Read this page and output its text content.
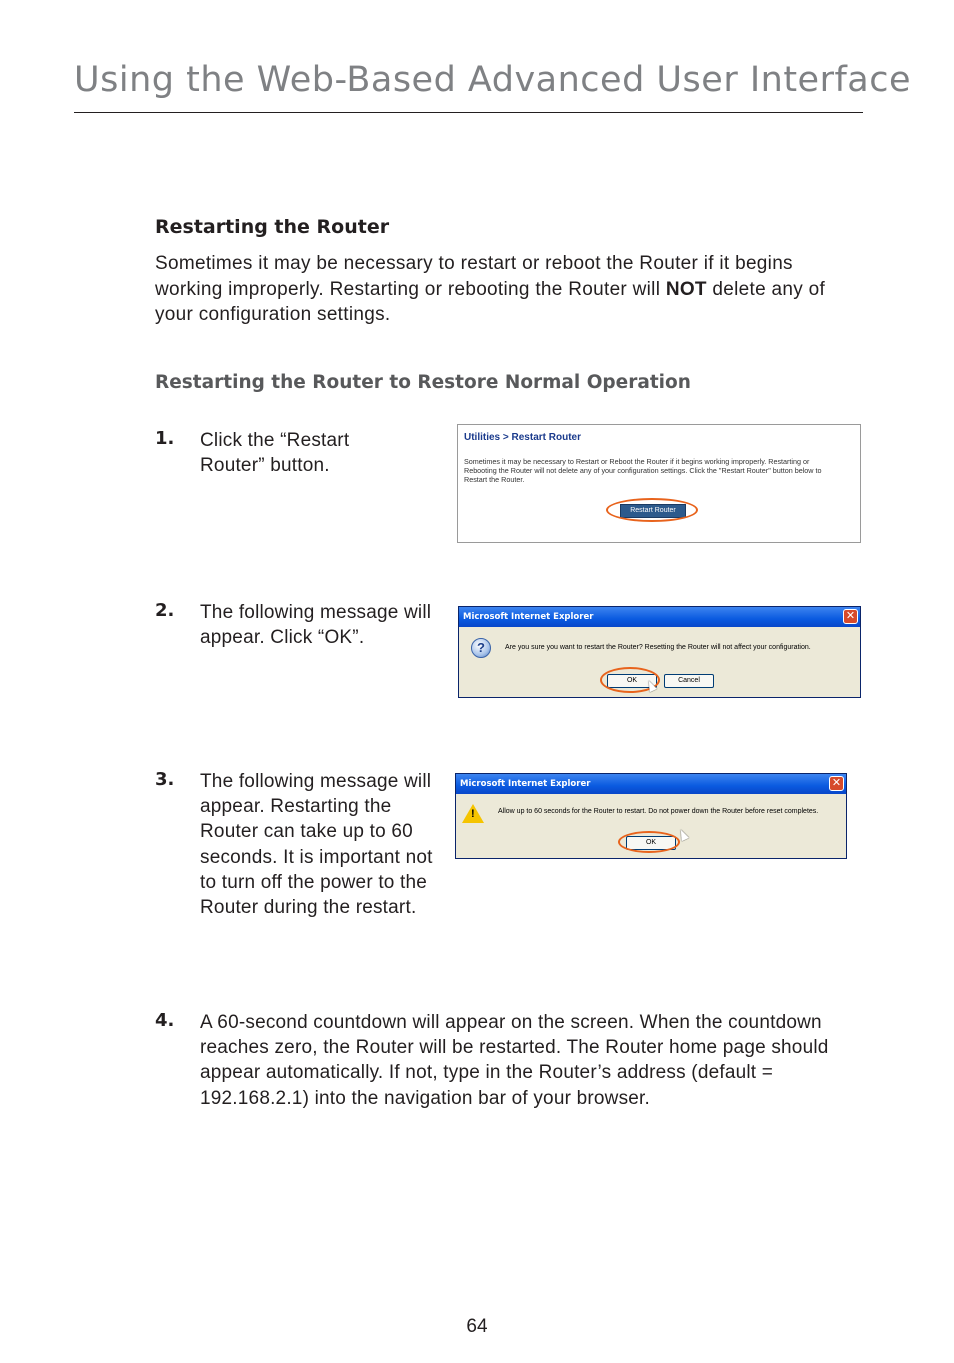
Using the Web-Based Advanced User Interface
Restarting the Router

Sometimes it may be necessary to restart or reboot the Router if it begins working improperly. Restarting or rebooting the Router will NOT delete any of your configuration settings.

Restarting the Router to Restore Normal Operation
1. Click the “Restart Router” button.

Utilities > Restart Router

Sometimes it may be necessary to Restart or Reboot the Router if it begins working improperly. Restarting or Rebooting the Router will not delete any of your configuration settings. Click the "Restart Router" button below to Restart the Router.

Restart Router
2. The following message will appear. Click “OK”.

Microsoft Internet Explorer	✕
?	Are you sure you want to restart the Router? Resetting the Router will not affect your configuration.
OK	Cancel
3. The following message will appear. Restarting the Router can take up to 60 seconds. It is important not to turn off the power to the Router during the restart.

Microsoft Internet Explorer	✕
!	Allow up to 60 seconds for the Router to restart. Do not power down the Router before reset completes.
OK
4. A 60-second countdown will appear on the screen. When the countdown reaches zero, the Router will be restarted. The Router home page should appear automatically. If not, type in the Router’s address (default = 192.168.2.1) into the navigation bar of your browser.

64
